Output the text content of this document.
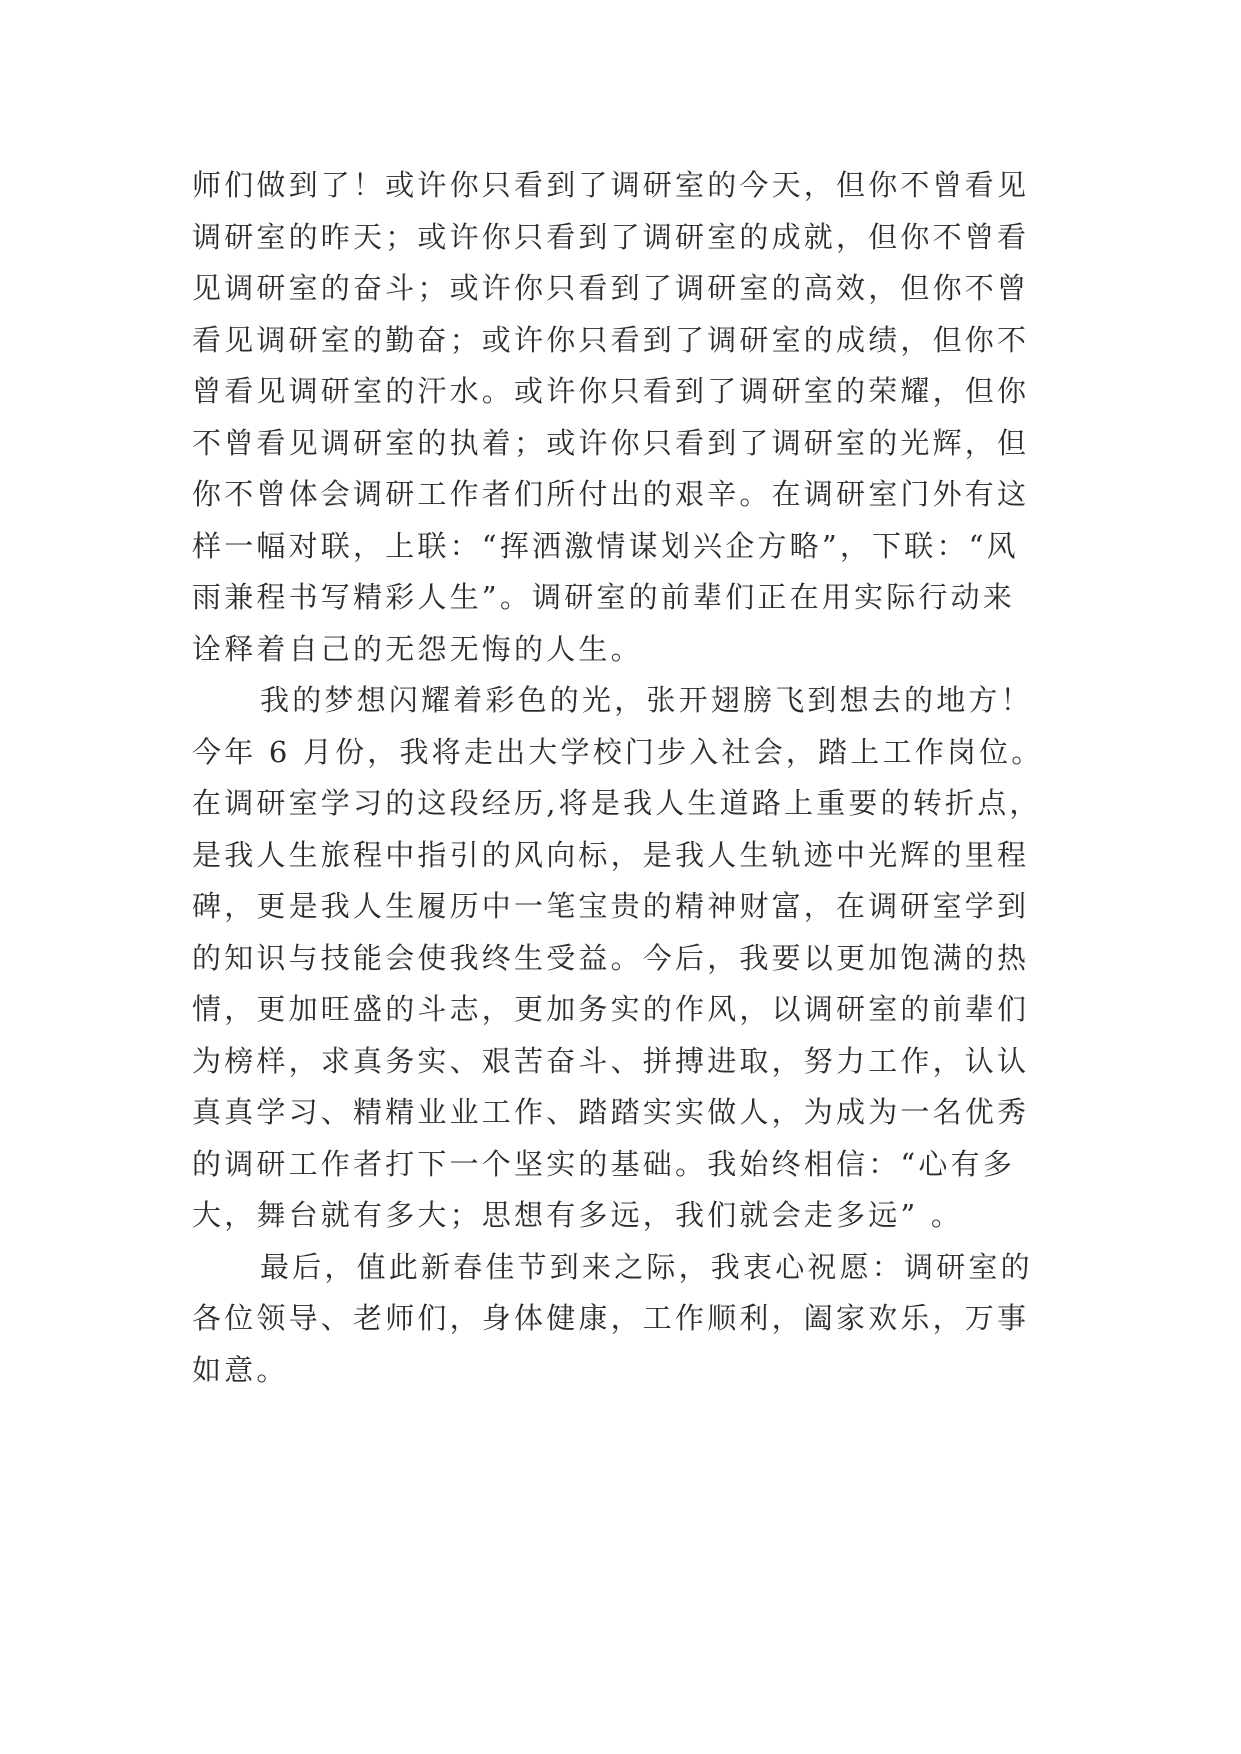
师们做到了！或许你只看到了调研室的今天，但你不曾看见
调研室的昨天；或许你只看到了调研室的成就，但你不曾看
见调研室的奋斗；或许你只看到了调研室的高效，但你不曾
看见调研室的勤奋；或许你只看到了调研室的成绩，但你不
曾看见调研室的汗水。或许你只看到了调研室的荣耀，但你
不曾看见调研室的执着；或许你只看到了调研室的光辉，但
你不曾体会调研工作者们所付出的艰辛。在调研室门外有这
样一幅对联，上联：“挥洒激情谋划兴企方略”，下联：“风
雨兼程书写精彩人生”。调研室的前辈们正在用实际行动来
诠释着自己的无怨无悔的人生。
我的梦想闪耀着彩色的光，张开翅膀飞到想去的地方！
今年 6 月份，我将走出大学校门步入社会，踏上工作岗位。
在调研室学习的这段经历,将是我人生道路上重要的转折点，
是我人生旅程中指引的风向标，是我人生轨迹中光辉的里程
碑，更是我人生履历中一笔宝贵的精神财富，在调研室学到
的知识与技能会使我终生受益。今后，我要以更加饱满的热
情，更加旺盛的斗志，更加务实的作风，以调研室的前辈们
为榜样，求真务实、艰苦奋斗、拼搏进取，努力工作，认认
真真学习、精精业业工作、踏踏实实做人，为成为一名优秀
的调研工作者打下一个坚实的基础。我始终相信：“心有多
大，舞台就有多大；思想有多远，我们就会走多远” 。
最后，值此新春佳节到来之际，我衷心祝愿：调研室的
各位领导、老师们，身体健康，工作顺利，阖家欢乐，万事
如意。
